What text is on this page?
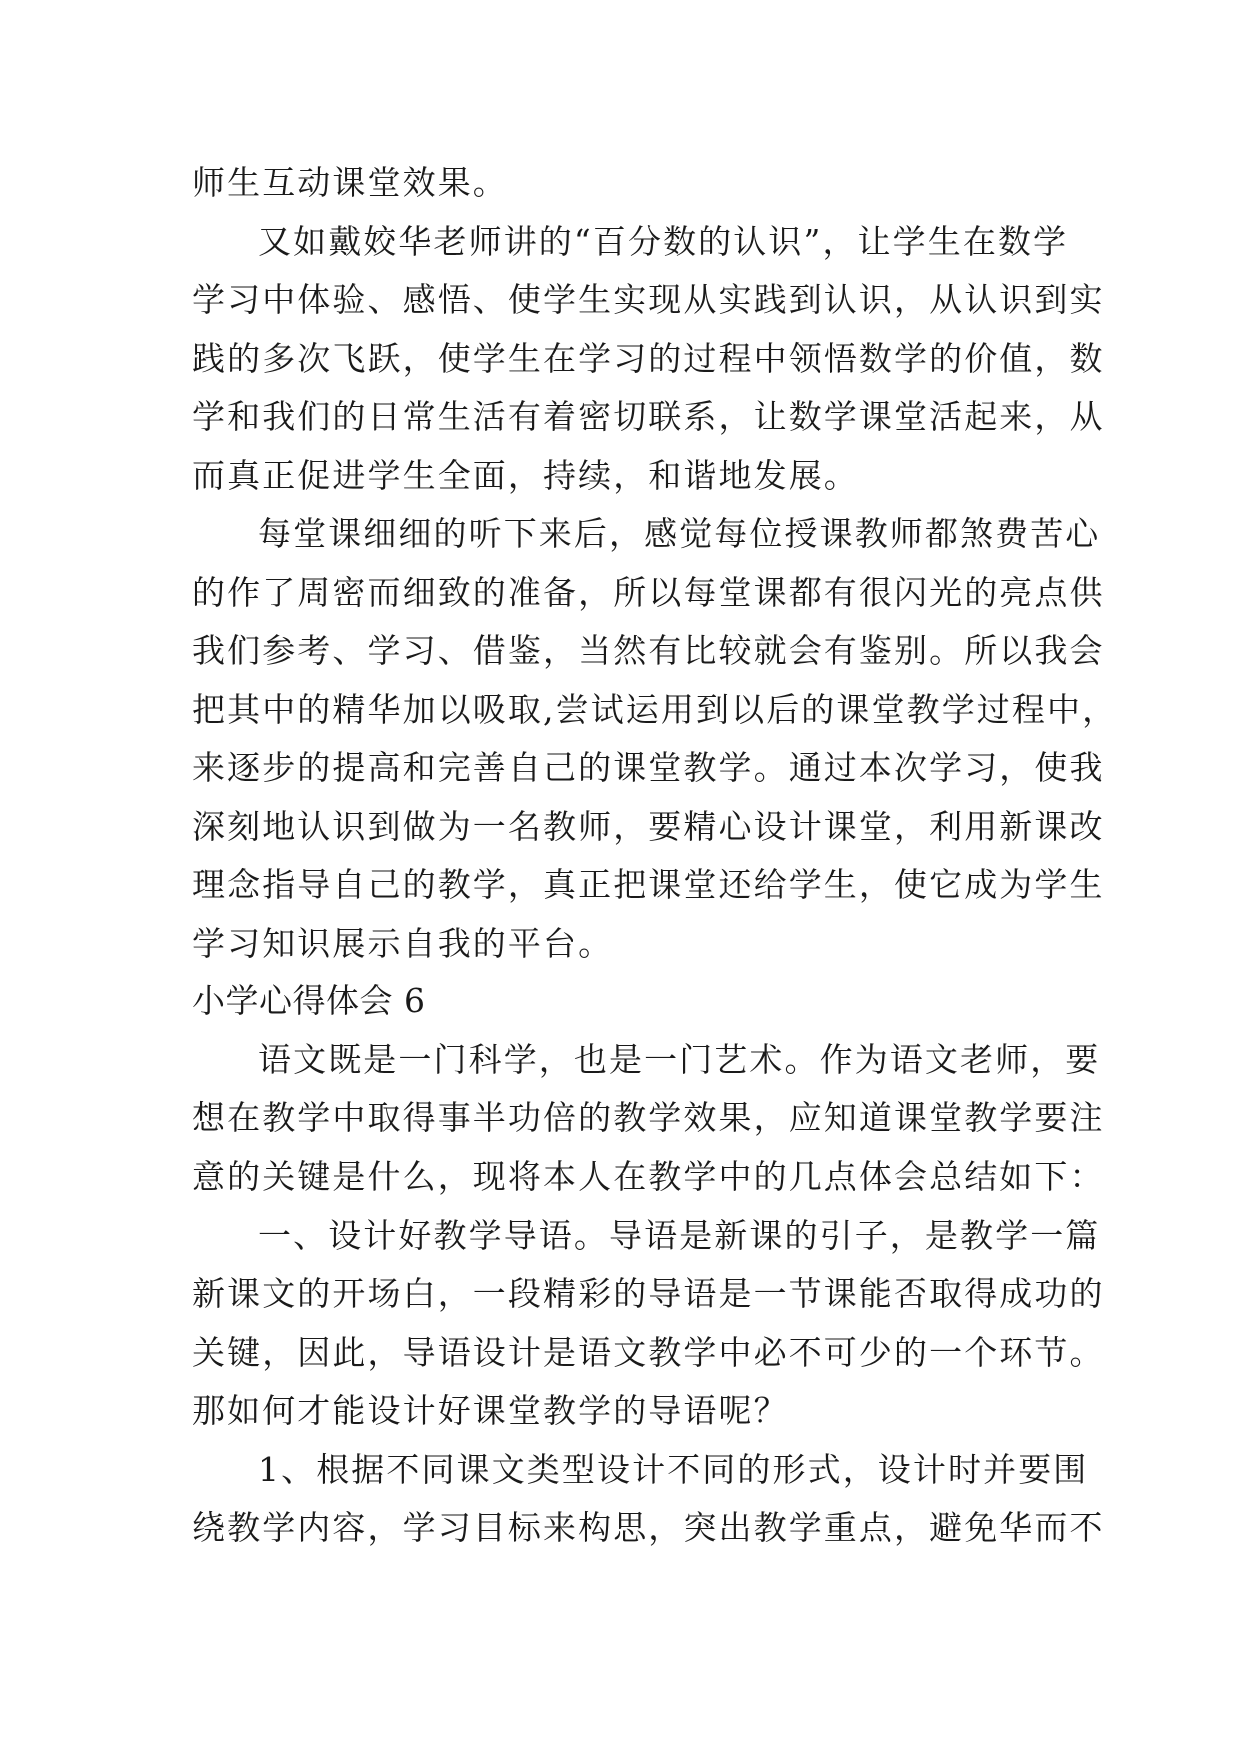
师生互动课堂效果。
又如戴姣华老师讲的“百分数的认识”，让学生在数学
学习中体验、感悟、使学生实现从实践到认识，从认识到实
践的多次飞跃，使学生在学习的过程中领悟数学的价值，数
学和我们的日常生活有着密切联系，让数学课堂活起来，从
而真正促进学生全面，持续，和谐地发展。
每堂课细细的听下来后，感觉每位授课教师都煞费苦心
的作了周密而细致的准备，所以每堂课都有很闪光的亮点供
我们参考、学习、借鉴，当然有比较就会有鉴别。所以我会
把其中的精华加以吸取,尝试运用到以后的课堂教学过程中，
来逐步的提高和完善自己的课堂教学。通过本次学习，使我
深刻地认识到做为一名教师，要精心设计课堂，利用新课改
理念指导自己的教学，真正把课堂还给学生，使它成为学生
学习知识展示自我的平台。
小学心得体会 6
语文既是一门科学，也是一门艺术。作为语文老师，要
想在教学中取得事半功倍的教学效果，应知道课堂教学要注
意的关键是什么，现将本人在教学中的几点体会总结如下：
一、设计好教学导语。导语是新课的引子，是教学一篇
新课文的开场白，一段精彩的导语是一节课能否取得成功的
关键，因此，导语设计是语文教学中必不可少的一个环节。
那如何才能设计好课堂教学的导语呢？
1、根据不同课文类型设计不同的形式，设计时并要围
绕教学内容，学习目标来构思，突出教学重点，避免华而不
